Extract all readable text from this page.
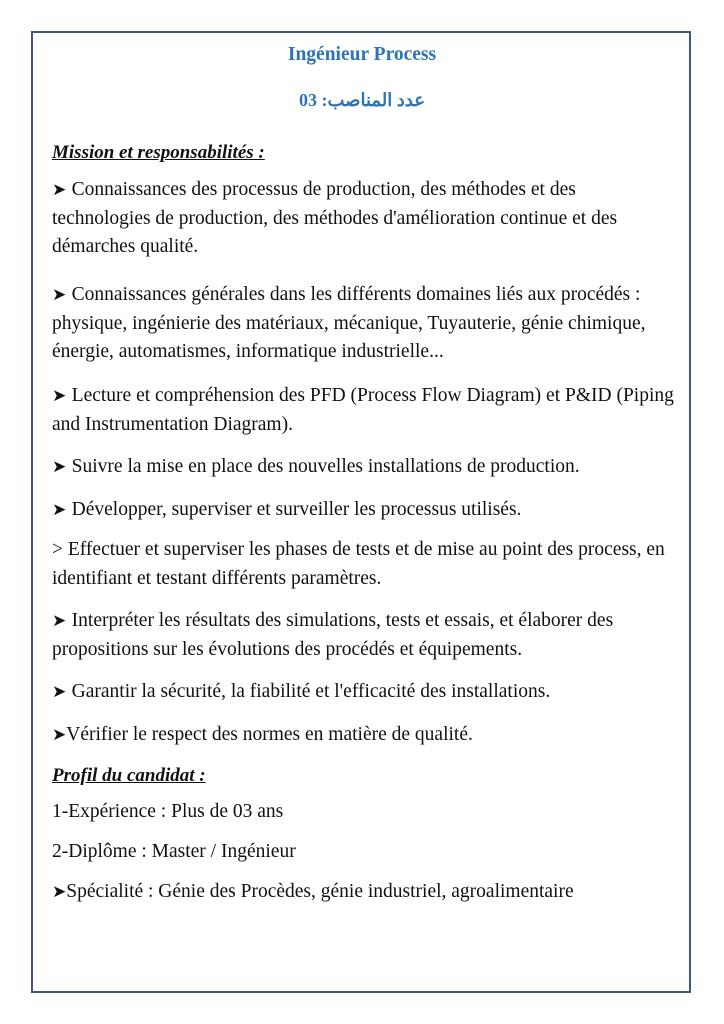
Ingénieur Process

عدد المناصب: 03

Mission et responsabilités :

➤ Connaissances des processus de production, des méthodes et des technologies de production, des méthodes d'amélioration continue et des démarches qualité.

➤ Connaissances générales dans les différents domaines liés aux procédés : physique, ingénierie des matériaux, mécanique, Tuyauterie, génie chimique, énergie, automatismes, informatique industrielle...

➤ Lecture et compréhension des PFD (Process Flow Diagram) et P&ID (Piping and Instrumentation Diagram).

➤ Suivre la mise en place des nouvelles installations de production.

➤ Développer, superviser et surveiller les processus utilisés.

> Effectuer et superviser les phases de tests et de mise au point des process, en identifiant et testant différents paramètres.

➤ Interpréter les résultats des simulations, tests et essais, et élaborer des propositions sur les évolutions des procédés et équipements.

➤ Garantir la sécurité, la fiabilité et l'efficacité des installations.

➤Vérifier le respect des normes en matière de qualité.

Profil du candidat :

1-Expérience : Plus de 03 ans

2-Diplôme : Master / Ingénieur

➤Spécialité : Génie des Procèdes, génie industriel, agroalimentaire
